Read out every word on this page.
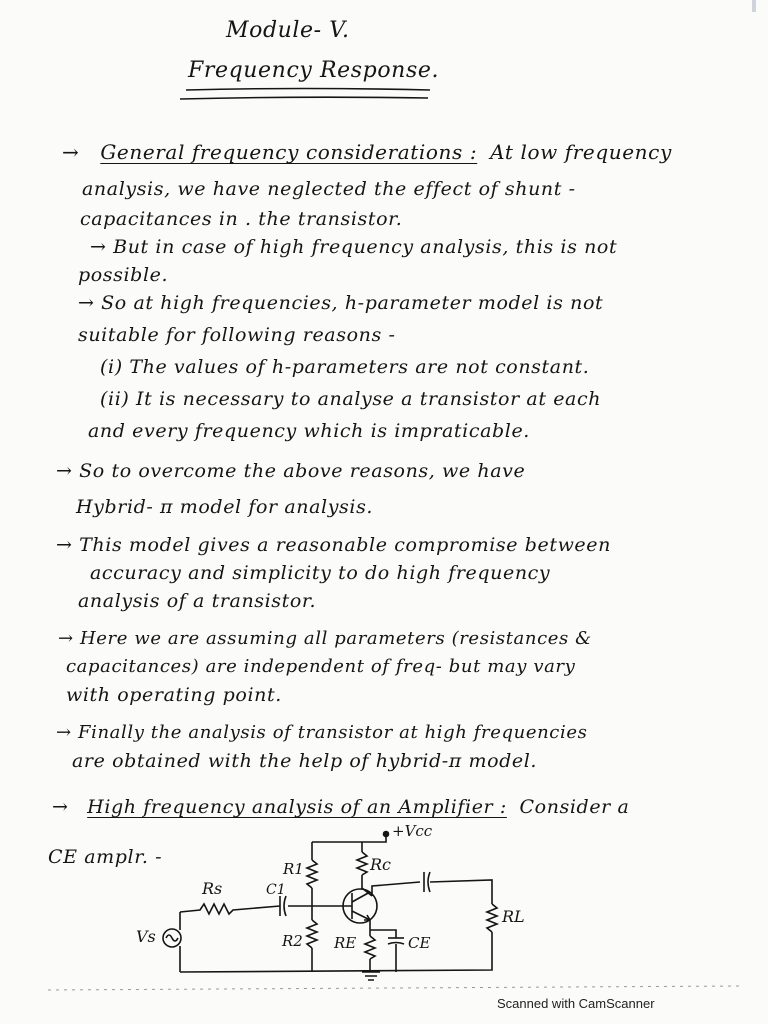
Module- V.
Frequency Response.
→ General frequency considerations : At low frequency
analysis, we have neglected the effect of shunt -
capacitances in . the transistor.
→ But in case of high frequency analysis, this is not
possible.
→ So at high frequencies, h-parameter model is not
suitable for following reasons -
(i) The values of h-parameters are not constant.
(ii) It is necessary to analyse a transistor at each
and every frequency which is impraticable.
→ So to overcome the above reasons, we have
Hybrid- π model for analysis.
→ This model gives a reasonable compromise between
accuracy and simplicity to do high frequency
analysis of a transistor.
→ Here we are assuming all parameters (resistances &
capacitances) are independent of freq- but may vary
with operating point.
→ Finally the analysis of transistor at high frequencies
are obtained with the help of hybrid-π model.
→ High frequency analysis of an Amplifier : Consider a
CE amplr. -
+Vcc
R1	Rc
Rs	C1
RL
Vs	R2 RE	CE
Scanned with CamScanner
